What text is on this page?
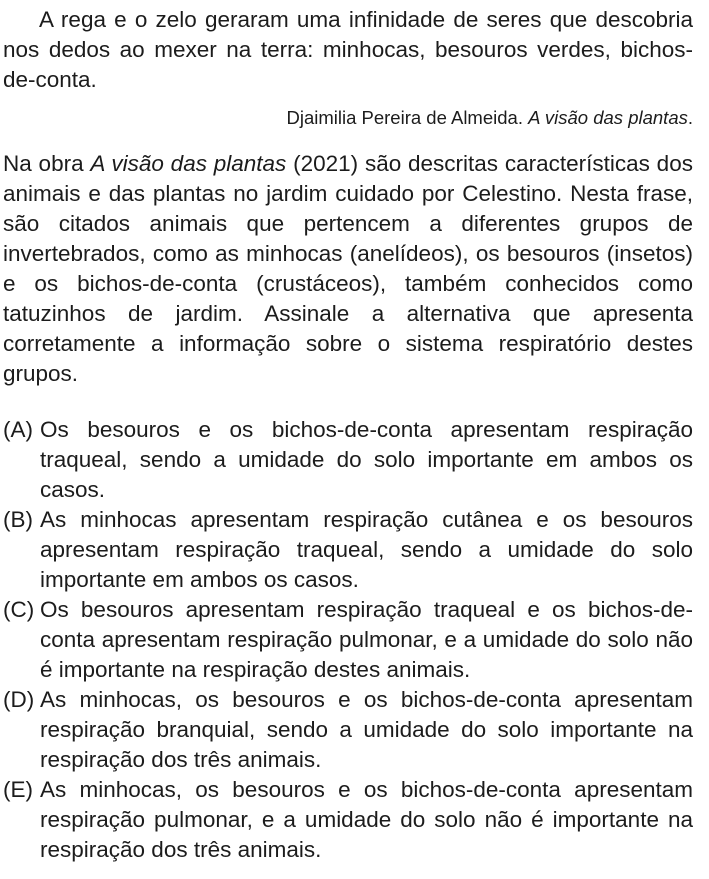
A rega e o zelo geraram uma infinidade de seres que descobria nos dedos ao mexer na terra: minhocas, besouros verdes, bichos-de-conta.

Djaimilia Pereira de Almeida. A visão das plantas.

Na obra A visão das plantas (2021) são descritas características dos animais e das plantas no jardim cuidado por Celestino. Nesta frase, são citados animais que pertencem a diferentes grupos de invertebrados, como as minhocas (anelídeos), os besouros (insetos) e os bichos-de-conta (crustáceos), também conhecidos como tatuzinhos de jardim. Assinale a alternativa que apresenta corretamente a informação sobre o sistema respiratório destes grupos.

(A) Os besouros e os bichos-de-conta apresentam respiração traqueal, sendo a umidade do solo importante em ambos os casos.
(B) As minhocas apresentam respiração cutânea e os besouros apresentam respiração traqueal, sendo a umidade do solo importante em ambos os casos.
(C) Os besouros apresentam respiração traqueal e os bichos-de-conta apresentam respiração pulmonar, e a umidade do solo não é importante na respiração destes animais.
(D) As minhocas, os besouros e os bichos-de-conta apresentam respiração branquial, sendo a umidade do solo importante na respiração dos três animais.
(E) As minhocas, os besouros e os bichos-de-conta apresentam respiração pulmonar, e a umidade do solo não é importante na respiração dos três animais.
